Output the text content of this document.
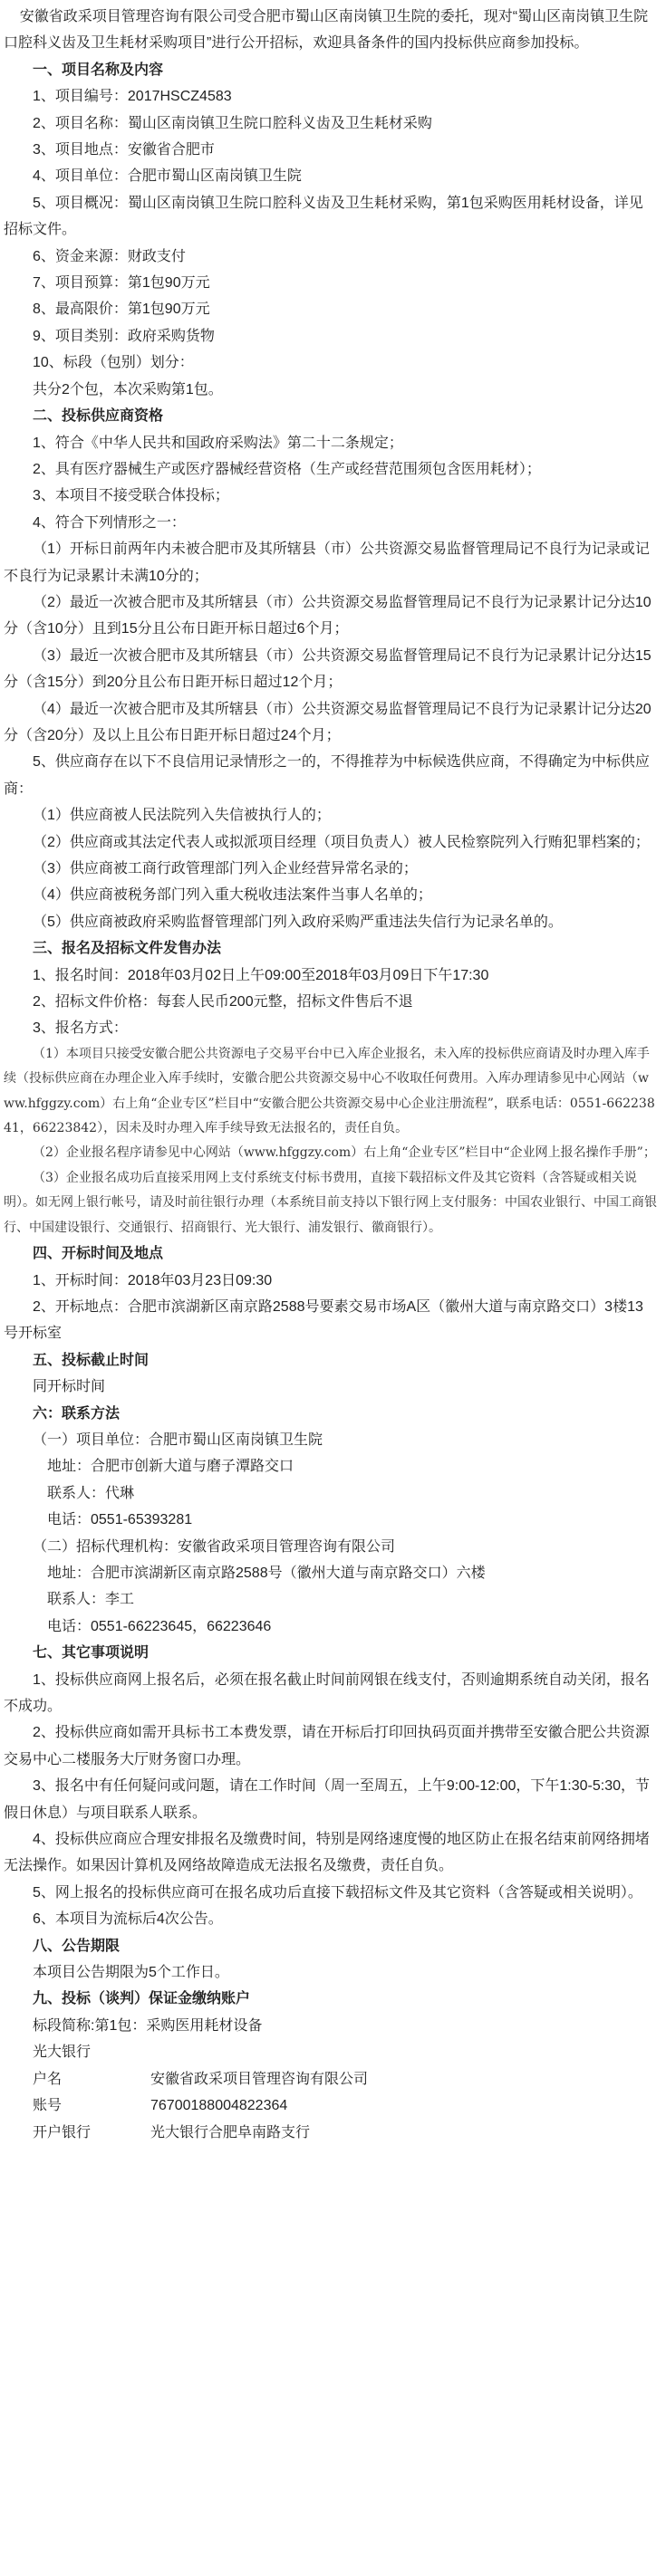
安徽省政采项目管理咨询有限公司受合肥市蜀山区南岗镇卫生院的委托，现对“蜀山区南岗镇卫生院口腔科义齿及卫生耗材采购项目”进行公开招标，欢迎具备条件的国内投标供应商参加投标。

一、项目名称及内容

1、项目编号：2017HSCZ4583

2、项目名称：蜀山区南岗镇卫生院口腔科义齿及卫生耗材采购

3、项目地点：安徽省合肥市

4、项目单位：合肥市蜀山区南岗镇卫生院

5、项目概况：蜀山区南岗镇卫生院口腔科义齿及卫生耗材采购，第1包采购医用耗材设备，详见招标文件。

6、资金来源：财政支付

7、项目预算：第1包90万元

8、最高限价：第1包90万元

9、项目类别：政府采购货物

10、标段（包别）划分：

共分2个包，本次采购第1包。

二、投标供应商资格

1、符合《中华人民共和国政府采购法》第二十二条规定；

2、具有医疗器械生产或医疗器械经营资格（生产或经营范围须包含医用耗材）；

3、本项目不接受联合体投标；

4、符合下列情形之一：

（1）开标日前两年内未被合肥市及其所辖县（市）公共资源交易监督管理局记不良行为记录或记不良行为记录累计未满10分的；

（2）最近一次被合肥市及其所辖县（市）公共资源交易监督管理局记不良行为记录累计记分达10分（含10分）且到15分且公布日距开标日超过6个月；

（3）最近一次被合肥市及其所辖县（市）公共资源交易监督管理局记不良行为记录累计记分达15分（含15分）到20分且公布日距开标日超过12个月；

（4）最近一次被合肥市及其所辖县（市）公共资源交易监督管理局记不良行为记录累计记分达20分（含20分）及以上且公布日距开标日超过24个月；

5、供应商存在以下不良信用记录情形之一的，不得推荐为中标候选供应商，不得确定为中标供应商：

（1）供应商被人民法院列入失信被执行人的；

（2）供应商或其法定代表人或拟派项目经理（项目负责人）被人民检察院列入行贿犯罪档案的；

（3）供应商被工商行政管理部门列入企业经营异常名录的；

（4）供应商被税务部门列入重大税收违法案件当事人名单的；

（5）供应商被政府采购监督管理部门列入政府采购严重违法失信行为记录名单的。

三、报名及招标文件发售办法

1、报名时间：2018年03月02日上午09:00至2018年03月09日下午17:30

2、招标文件价格：每套人民币200元整，招标文件售后不退

3、报名方式：

（1）本项目只接受安徽合肥公共资源电子交易平台中已入库企业报名，未入库的投标供应商请及时办理入库手续（投标供应商在办理企业入库手续时，安徽合肥公共资源交易中心不收取任何费用。入库办理请参见中心网站（www.hfggzy.com）右上角“企业专区”栏目中“安徽合肥公共资源交易中心企业注册流程”，联系电话：0551-66223841，66223842），因未及时办理入库手续导致无法报名的，责任自负。

（2）企业报名程序请参见中心网站（www.hfggzy.com）右上角“企业专区”栏目中“企业网上报名操作手册”；

（3）企业报名成功后直接采用网上支付系统支付标书费用，直接下载招标文件及其它资料（含答疑或相关说明）。如无网上银行帐号，请及时前往银行办理（本系统目前支持以下银行网上支付服务：中国农业银行、中国工商银行、中国建设银行、交通银行、招商银行、光大银行、浦发银行、徽商银行）。

四、开标时间及地点

1、开标时间：2018年03月23日09:30

2、开标地点：合肥市滨湖新区南京路2588号要素交易市场A区（徽州大道与南京路交口）3楼13号开标室

五、投标截止时间

同开标时间

六：联系方法

（一）项目单位：合肥市蜀山区南岗镇卫生院

地址：合肥市创新大道与磨子潭路交口

联系人：代琳

电话：0551-65393281

（二）招标代理机构：安徽省政采项目管理咨询有限公司

地址：合肥市滨湖新区南京路2588号（徽州大道与南京路交口）六楼

联系人：李工

电话：0551-66223645，66223646

七、其它事项说明

1、投标供应商网上报名后，必须在报名截止时间前网银在线支付，否则逾期系统自动关闭，报名不成功。

2、投标供应商如需开具标书工本费发票，请在开标后打印回执码页面并携带至安徽合肥公共资源交易中心二楼服务大厅财务窗口办理。

3、报名中有任何疑问或问题，请在工作时间（周一至周五，上午9:00-12:00，下午1:30-5:30，节假日休息）与项目联系人联系。

4、投标供应商应合理安排报名及缴费时间，特别是网络速度慢的地区防止在报名结束前网络拥堵无法操作。如果因计算机及网络故障造成无法报名及缴费，责任自负。

5、网上报名的投标供应商可在报名成功后直接下载招标文件及其它资料（含答疑或相关说明）。

6、本项目为流标后4次公告。

八、公告期限

本项目公告期限为5个工作日。

九、投标（谈判）保证金缴纳账户

标段简称:第1包：采购医用耗材设备

光大银行

户名	安徽省政采项目管理咨询有限公司
账号	76700188004822364
开户银行	光大银行合肥阜南路支行
